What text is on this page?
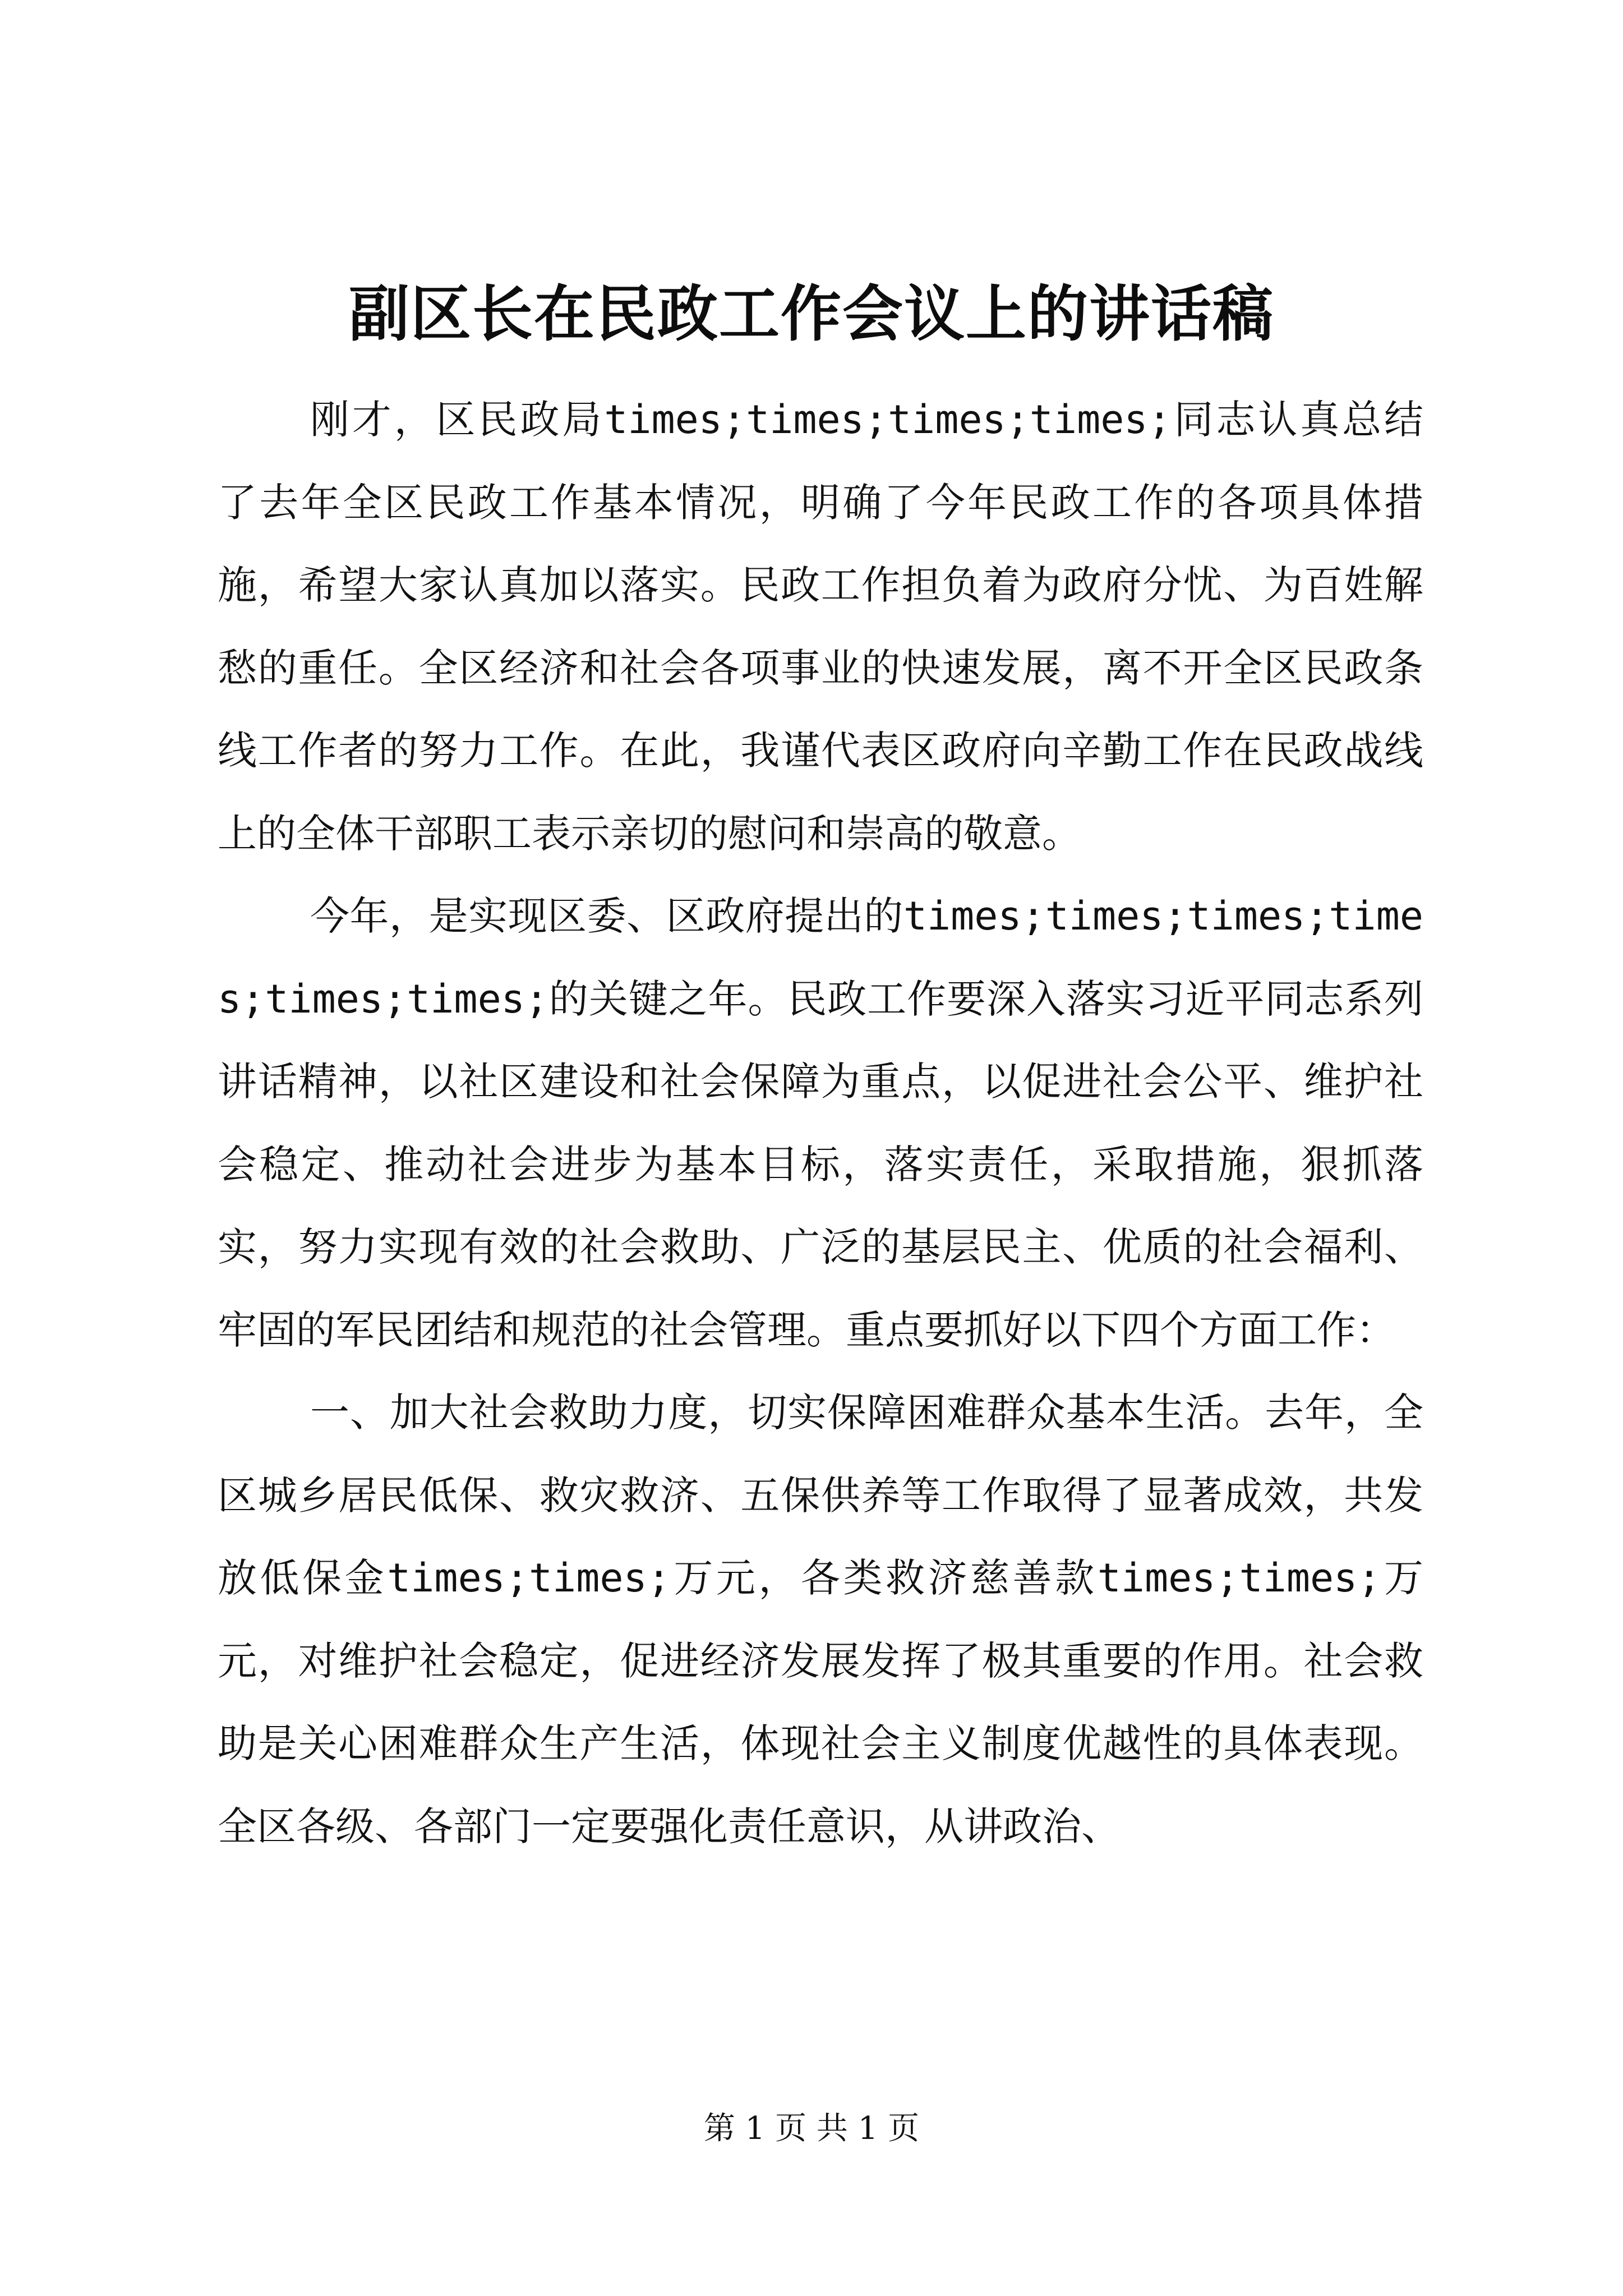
副区长在民政工作会议上的讲话稿

刚才，区民政局times;times;times;times;同志认真总结了去年全区民政工作基本情况，明确了今年民政工作的各项具体措施，希望大家认真加以落实。民政工作担负着为政府分忧、为百姓解愁的重任。全区经济和社会各项事业的快速发展，离不开全区民政条线工作者的努力工作。在此，我谨代表区政府向辛勤工作在民政战线上的全体干部职工表示亲切的慰问和崇高的敬意。

今年，是实现区委、区政府提出的times;times;times;times;times;times;的关键之年。民政工作要深入落实习近平同志系列讲话精神，以社区建设和社会保障为重点，以促进社会公平、维护社会稳定、推动社会进步为基本目标，落实责任，采取措施，狠抓落实，努力实现有效的社会救助、广泛的基层民主、优质的社会福利、牢固的军民团结和规范的社会管理。重点要抓好以下四个方面工作：

一、加大社会救助力度，切实保障困难群众基本生活。去年，全区城乡居民低保、救灾救济、五保供养等工作取得了显著成效，共发放低保金times;times;万元，各类救济慈善款times;times;万元，对维护社会稳定，促进经济发展发挥了极其重要的作用。社会救助是关心困难群众生产生活，体现社会主义制度优越性的具体表现。全区各级、各部门一定要强化责任意识，从讲政治、

第 1 页 共 1 页
